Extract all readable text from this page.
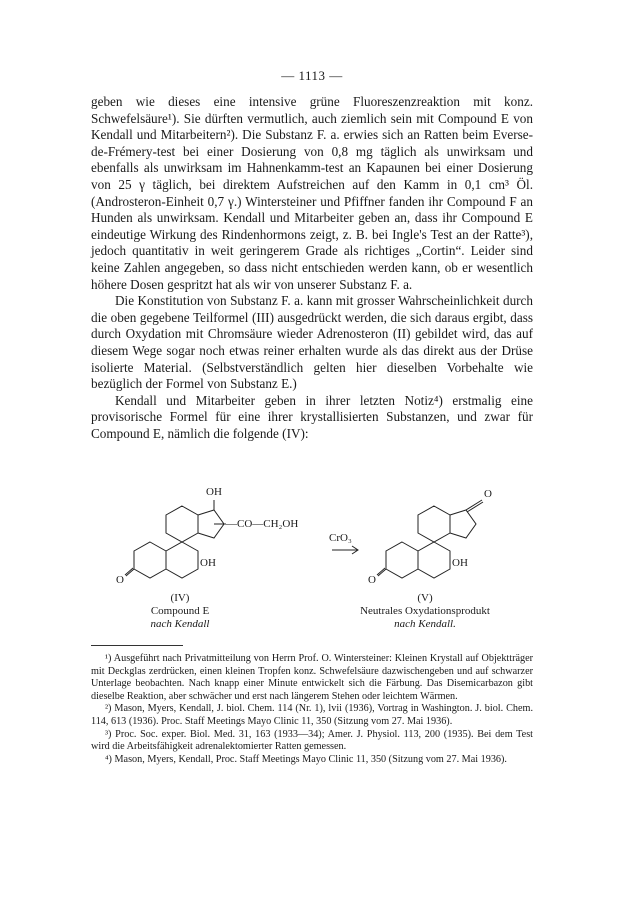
— 1113 —

geben wie dieses eine intensive grüne Fluoreszenzreaktion mit konz. Schwefelsäure¹). Sie dürften vermutlich, auch ziemlich sein mit Compound E von Kendall und Mitarbeitern²). Die Substanz F. a. erwies sich an Ratten beim Everse-de-Frémery-test bei einer Dosierung von 0,8 mg täglich als unwirksam und ebenfalls als unwirksam im Hahnenkamm-test an Kapaunen bei einer Dosierung von 25 γ täglich, bei direktem Aufstreichen auf den Kamm in 0,1 cm³ Öl. (Androsteron-Einheit 0,7 γ.) Wintersteiner und Pfiffner fanden ihr Compound F an Hunden als unwirksam. Kendall und Mitarbeiter geben an, dass ihr Compound E eindeutige Wirkung des Rindenhormons zeigt, z. B. bei Ingle's Test an der Ratte³), jedoch quantitativ in weit geringerem Grade als richtiges „Cortin“. Leider sind keine Zahlen angegeben, so dass nicht entschieden werden kann, ob er wesentlich höhere Dosen gespritzt hat als wir von unserer Substanz F. a.

Die Konstitution von Substanz F. a. kann mit grosser Wahrscheinlichkeit durch die oben gegebene Teilformel (III) ausgedrückt werden, die sich daraus ergibt, dass durch Oxydation mit Chromsäure wieder Adrenosteron (II) gebildet wird, das auf diesem Wege sogar noch etwas reiner erhalten wurde als das direkt aus der Drüse isolierte Material. (Selbstverständlich gelten hier dieselben Vorbehalte wie bezüglich der Formel von Substanz E.)

Kendall und Mitarbeiter geben in ihrer letzten Notiz⁴) erstmalig eine provisorische Formel für eine ihrer krystallisierten Substanzen, und zwar für Compound E, nämlich die folgende (IV):

OH
—CO—CH₂OH
OH
O
CrO₃
O
OH
O
(IV)
Compound E
nach Kendall
(V)
Neutrales Oxydationsprodukt
nach Kendall.

¹) Ausgeführt nach Privatmitteilung von Herrn Prof. O. Wintersteiner: Kleinen Krystall auf Objektträger mit Deckglas zerdrücken, einen kleinen Tropfen konz. Schwefelsäure dazwischengeben und auf schwarzer Unterlage beobachten. Nach knapp einer Minute entwickelt sich die Färbung. Das Disemicarbazon gibt dieselbe Reaktion, aber schwächer und erst nach längerem Stehen oder leichtem Wärmen.

²) Mason, Myers, Kendall, J. biol. Chem. 114 (Nr. 1), lvii (1936), Vortrag in Washington. J. biol. Chem. 114, 613 (1936). Proc. Staff Meetings Mayo Clinic 11, 350 (Sitzung vom 27. Mai 1936).

³) Proc. Soc. exper. Biol. Med. 31, 163 (1933—34); Amer. J. Physiol. 113, 200 (1935). Bei dem Test wird die Arbeitsfähigkeit adrenalektomierter Ratten gemessen.

⁴) Mason, Myers, Kendall, Proc. Staff Meetings Mayo Clinic 11, 350 (Sitzung vom 27. Mai 1936).
